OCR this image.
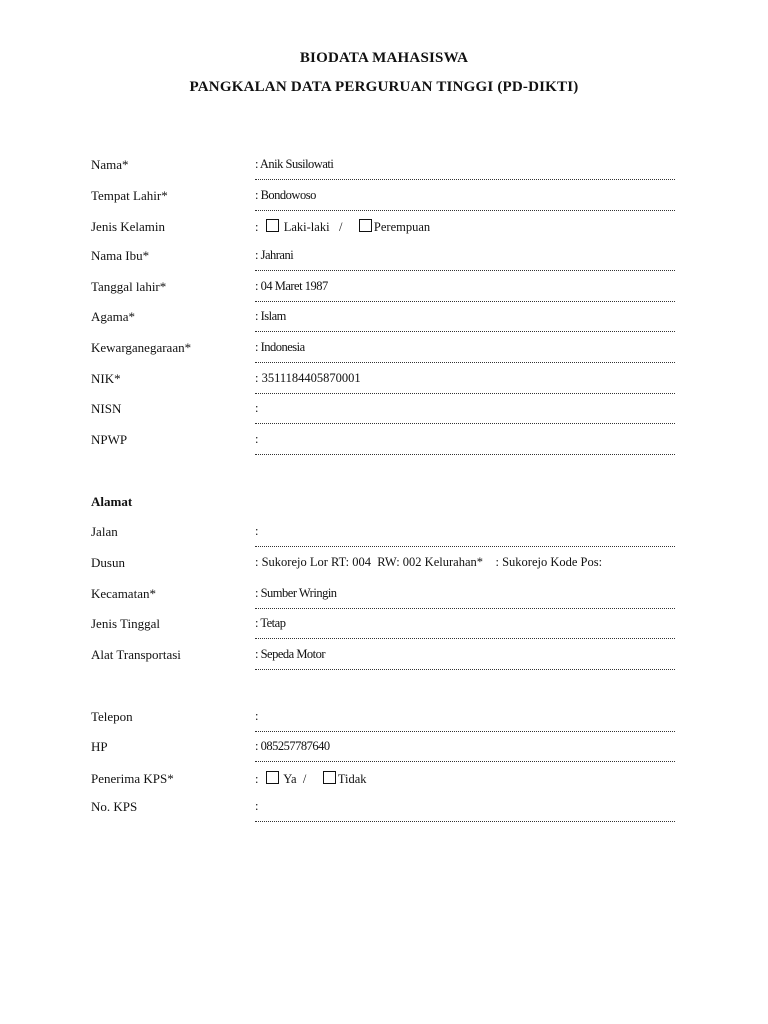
BIODATA MAHASISWA
PANGKALAN DATA PERGURUAN TINGGI (PD-DIKTI)
Nama*	: Anik Susilowati
Tempat Lahir*	: Bondowoso
Jenis Kelamin	: Laki-laki /	Perempuan
Nama Ibu*	: Jahrani
Tanggal lahir*	: 04 Maret 1987
Agama*	: Islam
Kewarganegaraan*	: Indonesia
NIK*	: 3511184405870001
NISN	:
NPWP	:
Alamat
Jalan	:
Dusun	: Sukorejo Lor RT: 004  RW: 002 Kelurahan*    : Sukorejo Kode Pos:
Kecamatan*	: Sumber Wringin
Jenis Tinggal	: Tetap
Alat Transportasi	: Sepeda Motor
Telepon	:
HP	: 085257787640
Penerima KPS*	: Ya /	Tidak
No. KPS	:
